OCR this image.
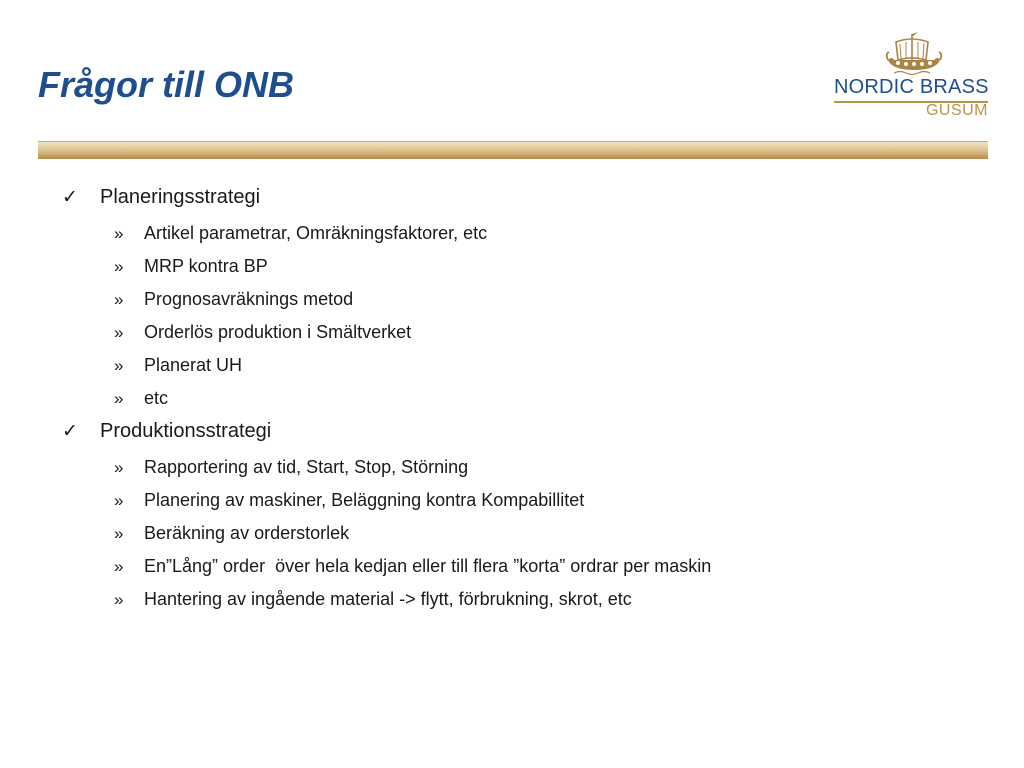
Frågor till ONB	NORDIC BRASS
GUSUM
✓ Planeringsstrategi
» Artikel parametrar, Omräkningsfaktorer, etc
» MRP kontra BP
» Prognosavräknings metod
» Orderlös produktion i Smältverket
» Planerat UH
» etc
✓ Produktionsstrategi
» Rapportering av tid, Start, Stop, Störning
» Planering av maskiner, Beläggning kontra Kompabillitet
» Beräkning av orderstorlek
» En”Lång” order  över hela kedjan eller till flera ”korta” ordrar per maskin
» Hantering av ingående material -> flytt, förbrukning, skrot, etc
